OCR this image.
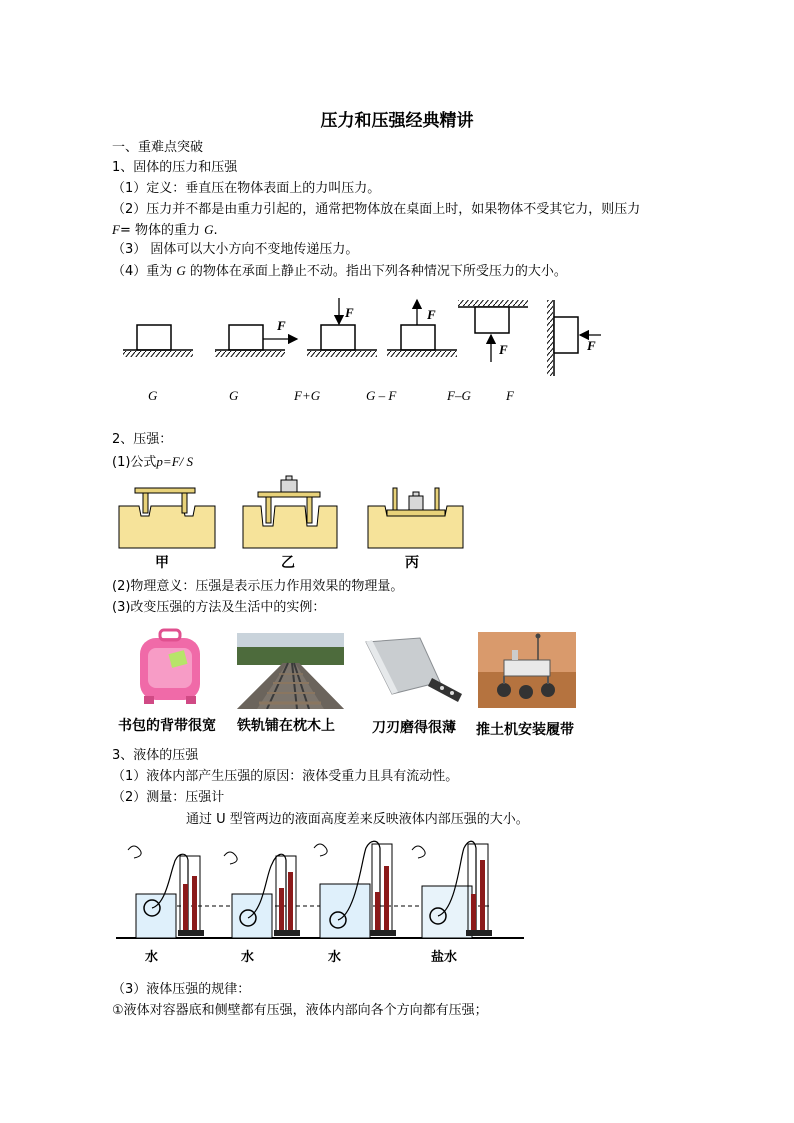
压力和压强经典精讲
一、重难点突破
1、固体的压力和压强
（1）定义：垂直压在物体表面上的力叫压力。
（2）压力并不都是由重力引起的，通常把物体放在桌面上时，如果物体不受其它力，则压力
F= 物体的重力 G.
（3） 固体可以大小方向不变地传递压力。
（4）重为 G 的物体在承面上静止不动。指出下列各种情况下所受压力的大小。
F
F	F
F	F
G	G	F+G	G – F	F–G	F
2、压强：
(1)公式p=F/ S
甲	乙	丙
(2)物理意义：压强是表示压力作用效果的物理量。
(3)改变压强的方法及生活中的实例：
书包的背带很宽 铁轨铺在枕木上	刀刃磨得很薄 推土机安装履带
3、液体的压强
（1）液体内部产生压强的原因：液体受重力且具有流动性。
（2）测量：压强计
通过 U 型管两边的液面高度差来反映液体内部压强的大小。
水	水	水	盐水
（3）液体压强的规律：
①液体对容器底和侧壁都有压强，液体内部向各个方向都有压强；
